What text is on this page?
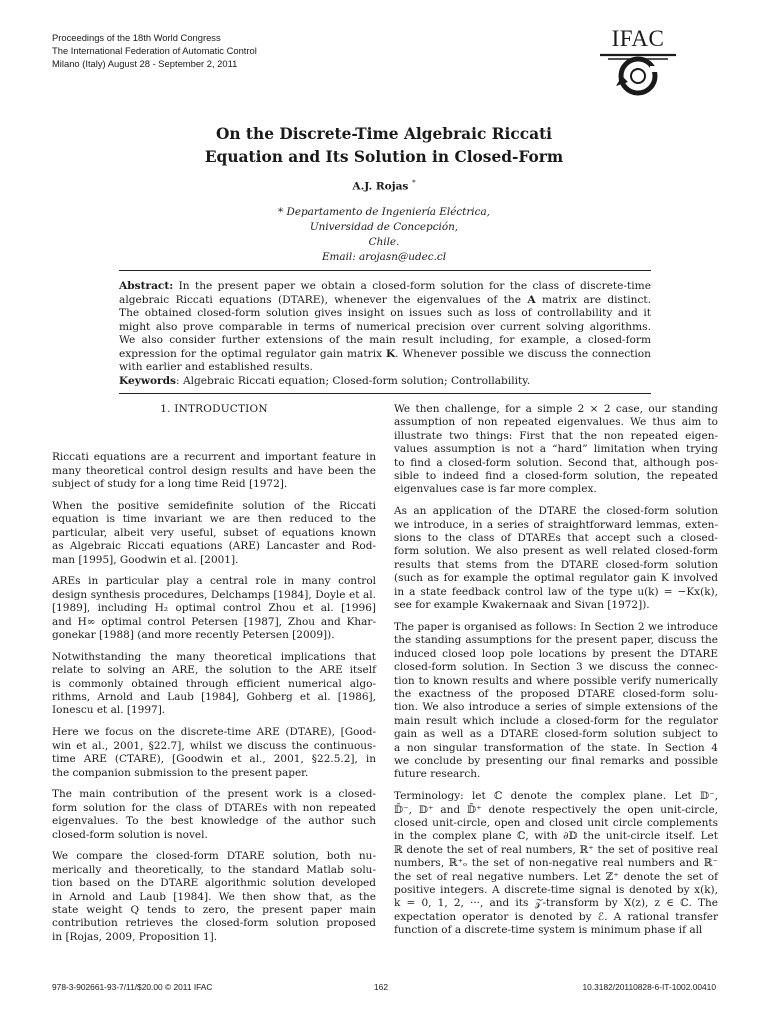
Proceedings of the 18th World Congress
The International Federation of Automatic Control
Milano (Italy) August 28 - September 2, 2011
IFAC
On the Discrete-Time Algebraic Riccati
Equation and Its Solution in Closed-Form
A.J. Rojas *
* Departamento de Ingeniería Eléctrica,
Universidad de Concepción,
Chile.
Email: arojasn@udec.cl
Abstract: In the present paper we obtain a closed-form solution for the class of discrete-time
algebraic Riccati equations (DTARE), whenever the eigenvalues of the A matrix are distinct.
The obtained closed-form solution gives insight on issues such as loss of controllability and it
might also prove comparable in terms of numerical precision over current solving algorithms.
We also consider further extensions of the main result including, for example, a closed-form
expression for the optimal regulator gain matrix K. Whenever possible we discuss the connection
with earlier and established results.
Keywords: Algebraic Riccati equation; Closed-form solution; Controllability.
1. INTRODUCTION
Riccati equations are a recurrent and important feature in
many theoretical control design results and have been the
subject of study for a long time Reid [1972].
When the positive semidefinite solution of the Riccati
equation is time invariant we are then reduced to the
particular, albeit very useful, subset of equations known
as Algebraic Riccati equations (ARE) Lancaster and Rod-
man [1995], Goodwin et al. [2001].
AREs in particular play a central role in many control
design synthesis procedures, Delchamps [1984], Doyle et al.
[1989], including H₂ optimal control Zhou et al. [1996]
and H∞ optimal control Petersen [1987], Zhou and Khar-
gonekar [1988] (and more recently Petersen [2009]).
Notwithstanding the many theoretical implications that
relate to solving an ARE, the solution to the ARE itself
is commonly obtained through efficient numerical algo-
rithms, Arnold and Laub [1984], Gohberg et al. [1986],
Ionescu et al. [1997].
Here we focus on the discrete-time ARE (DTARE), [Good-
win et al., 2001, §22.7], whilst we discuss the continuous-
time ARE (CTARE), [Goodwin et al., 2001, §22.5.2], in
the companion submission to the present paper.
The main contribution of the present work is a closed-
form solution for the class of DTAREs with non repeated
eigenvalues. To the best knowledge of the author such
closed-form solution is novel.
We compare the closed-form DTARE solution, both nu-
merically and theoretically, to the standard Matlab solu-
tion based on the DTARE algorithmic solution developed
in Arnold and Laub [1984]. We then show that, as the
state weight Q tends to zero, the present paper main
contribution retrieves the closed-form solution proposed
in [Rojas, 2009, Proposition 1].
We then challenge, for a simple 2 × 2 case, our standing
assumption of non repeated eigenvalues. We thus aim to
illustrate two things: First that the non repeated eigen-
values assumption is not a “hard” limitation when trying
to find a closed-form solution. Second that, although pos-
sible to indeed find a closed-form solution, the repeated
eigenvalues case is far more complex.
As an application of the DTARE the closed-form solution
we introduce, in a series of straightforward lemmas, exten-
sions to the class of DTAREs that accept such a closed-
form solution. We also present as well related closed-form
results that stems from the DTARE closed-form solution
(such as for example the optimal regulator gain K involved
in a state feedback control law of the type u(k) = −Kx(k),
see for example Kwakernaak and Sivan [1972]).
The paper is organised as follows: In Section 2 we introduce
the standing assumptions for the present paper, discuss the
induced closed loop pole locations by present the DTARE
closed-form solution. In Section 3 we discuss the connec-
tion to known results and where possible verify numerically
the exactness of the proposed DTARE closed-form solu-
tion. We also introduce a series of simple extensions of the
main result which include a closed-form for the regulator
gain as well as a DTARE closed-form solution subject to
a non singular transformation of the state. In Section 4
we conclude by presenting our final remarks and possible
future research.
Terminology: let ℂ denote the complex plane. Let 𝔻⁻,
𝔻̄⁻, 𝔻⁺ and 𝔻̄⁺ denote respectively the open unit-circle,
closed unit-circle, open and closed unit circle complements
in the complex plane ℂ, with ∂𝔻 the unit-circle itself. Let
ℝ denote the set of real numbers, ℝ⁺ the set of positive real
numbers, ℝ⁺ₒ the set of non-negative real numbers and ℝ⁻
the set of real negative numbers. Let ℤ⁺ denote the set of
positive integers. A discrete-time signal is denoted by x(k),
k = 0, 1, 2, ···, and its 𝒵-transform by X(z), z ∈ ℂ. The
expectation operator is denoted by ℰ. A rational transfer
function of a discrete-time system is minimum phase if all
978-3-902661-93-7/11/$20.00 © 2011 IFAC	162	10.3182/20110828-6-IT-1002.00410
